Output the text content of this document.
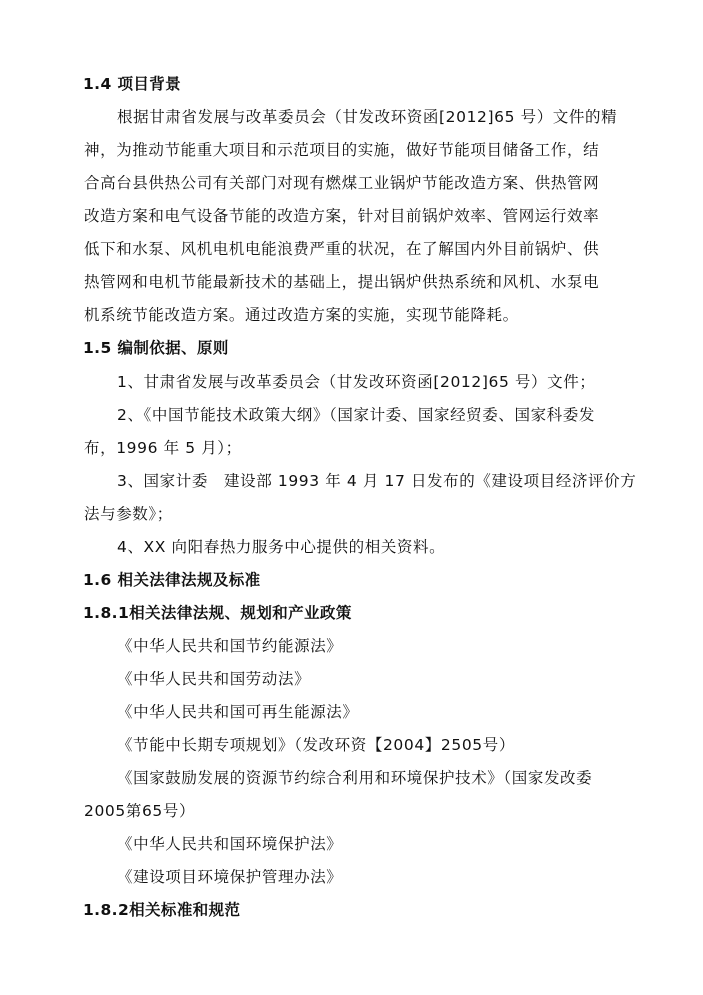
1.4 项目背景
根据甘肃省发展与改革委员会（甘发改环资函[2012]65 号）文件的精
神，为推动节能重大项目和示范项目的实施，做好节能项目储备工作，结
合高台县供热公司有关部门对现有燃煤工业锅炉节能改造方案、供热管网
改造方案和电气设备节能的改造方案，针对目前锅炉效率、管网运行效率
低下和水泵、风机电机电能浪费严重的状况，在了解国内外目前锅炉、供
热管网和电机节能最新技术的基础上，提出锅炉供热系统和风机、水泵电
机系统节能改造方案。通过改造方案的实施，实现节能降耗。
1.5 编制依据、原则
1、甘肃省发展与改革委员会（甘发改环资函[2012]65 号）文件；
2、《中国节能技术政策大纲》（国家计委、国家经贸委、国家科委发
布，1996 年 5 月）；
3、国家计委　建设部 1993 年 4 月 17 日发布的《建设项目经济评价方
法与参数》；
4、XX 向阳春热力服务中心提供的相关资料。
1.6 相关法律法规及标准
1.8.1相关法律法规、规划和产业政策
《中华人民共和国节约能源法》
《中华人民共和国劳动法》
《中华人民共和国可再生能源法》
《节能中长期专项规划》（发改环资【2004】2505号）
《国家鼓励发展的资源节约综合利用和环境保护技术》（国家发改委
2005第65号）
《中华人民共和国环境保护法》
《建设项目环境保护管理办法》
1.8.2相关标准和规范
